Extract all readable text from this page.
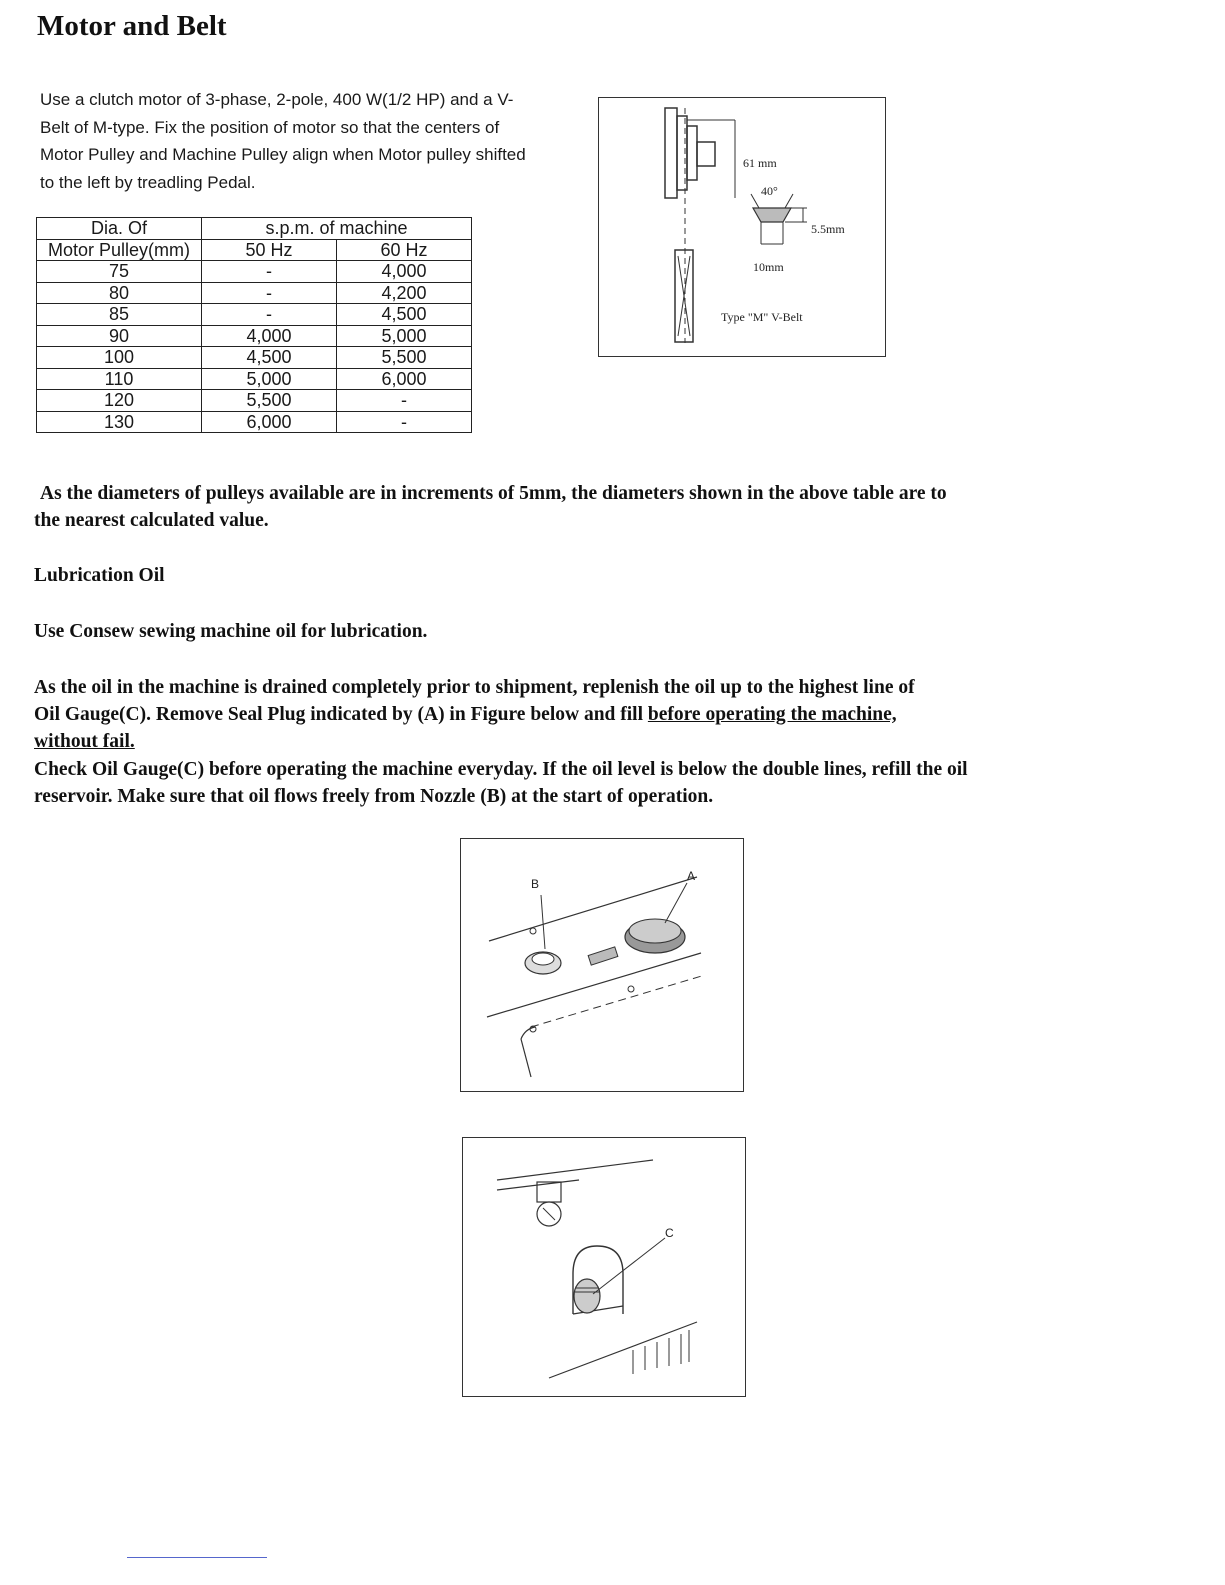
Motor and Belt
Use a clutch motor of 3-phase, 2-pole, 400 W(1/2 HP) and a V-
Belt of M-type. Fix the position of motor so that the centers of
Motor Pulley and Machine Pulley align when Motor pulley shifted
to the left by treadling Pedal.
Dia. Of	s.p.m. of machine	
Motor Pulley(mm)	50 Hz	60 Hz
75	-	4,000
80	-	4,200
85	-	4,500
90	4,000	5,000
100	4,500	5,500
110	5,000	6,000
120	5,500	-
130	6,000	-
61 mm
40°
5.5mm
10mm
Type "M" V-Belt
As the diameters of pulleys available are in increments of 5mm, the diameters shown in the above table are to
the nearest calculated value.
Lubrication Oil
Use Consew sewing machine oil for lubrication.
As the oil in the machine is drained completely prior to shipment, replenish the oil up to the highest line of
Oil Gauge(C). Remove Seal Plug indicated by (A) in Figure below and fill before operating the machine,
without fail.
Check Oil Gauge(C) before operating the machine everyday. If the oil level is below the double lines, refill the oil
reservoir. Make sure that oil flows freely from Nozzle (B) at the start of operation.
B
A
C
